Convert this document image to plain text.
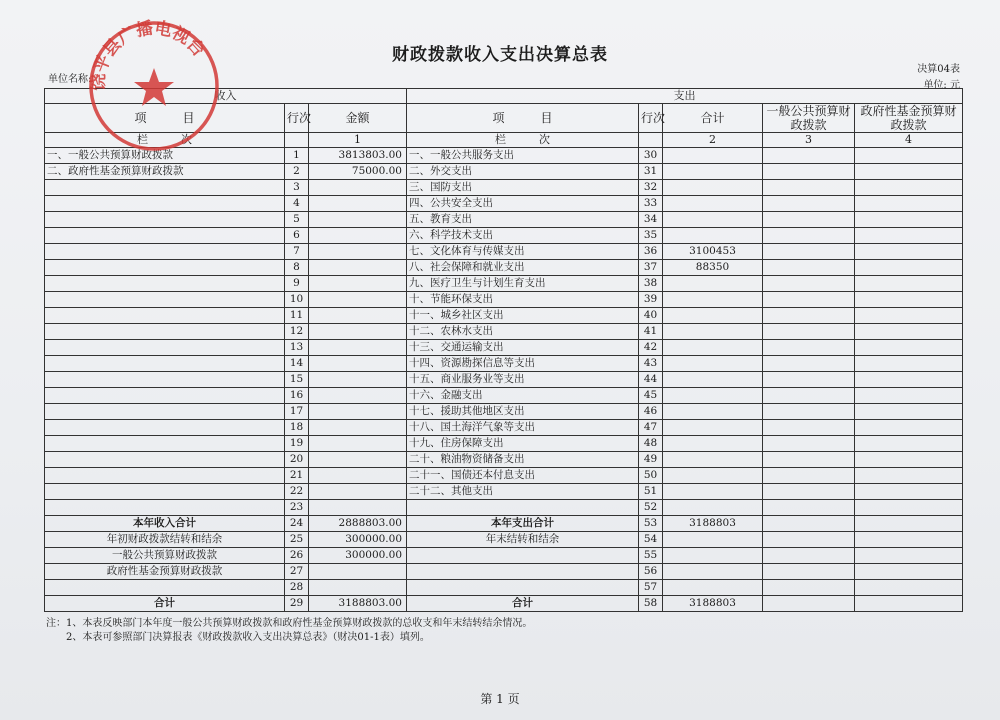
财政拨款收入支出决算总表
单位名称:
决算04表
单位: 元
收入			支出				
项　　　目	行次	金额	项　　　目	行次	合计	一般公共预算财政拨款	政府性基金预算财政拨款
栏　　　次		1	栏　　　次		2	3	4
一、一般公共预算财政拨款	1	3813803.00	一、一般公共服务支出	30			
二、政府性基金预算财政拨款	2	75000.00	二、外交支出	31			
	3		三、国防支出	32			
	4		四、公共安全支出	33			
	5		五、教育支出	34			
	6		六、科学技术支出	35			
	7		七、文化体育与传媒支出	36	3100453		
	8		八、社会保障和就业支出	37	88350		
	9		九、医疗卫生与计划生育支出	38			
	10		十、节能环保支出	39			
	11		十一、城乡社区支出	40			
	12		十二、农林水支出	41			
	13		十三、交通运输支出	42			
	14		十四、资源勘探信息等支出	43			
	15		十五、商业服务业等支出	44			
	16		十六、金融支出	45			
	17		十七、援助其他地区支出	46			
	18		十八、国土海洋气象等支出	47			
	19		十九、住房保障支出	48			
	20		二十、粮油物资储备支出	49			
	21		二十一、国债还本付息支出	50			
	22		二十二、其他支出	51			
	23			52			
本年收入合计	24	2888803.00	本年支出合计	53	3188803		
年初财政拨款结转和结余	25	300000.00	年末结转和结余	54			
一般公共预算财政拨款	26	300000.00		55			
政府性基金预算财政拨款	27			56			
	28			57			
合计	29	3188803.00	合计	58	3188803		
注：1、本表反映部门本年度一般公共预算财政拨款和政府性基金预算财政拨款的总收支和年末结转结余情况。
2、本表可参照部门决算报表《财政拨款收入支出决算总表》（财决01-1表）填列。
第 1 页
饶平县广播电视台
